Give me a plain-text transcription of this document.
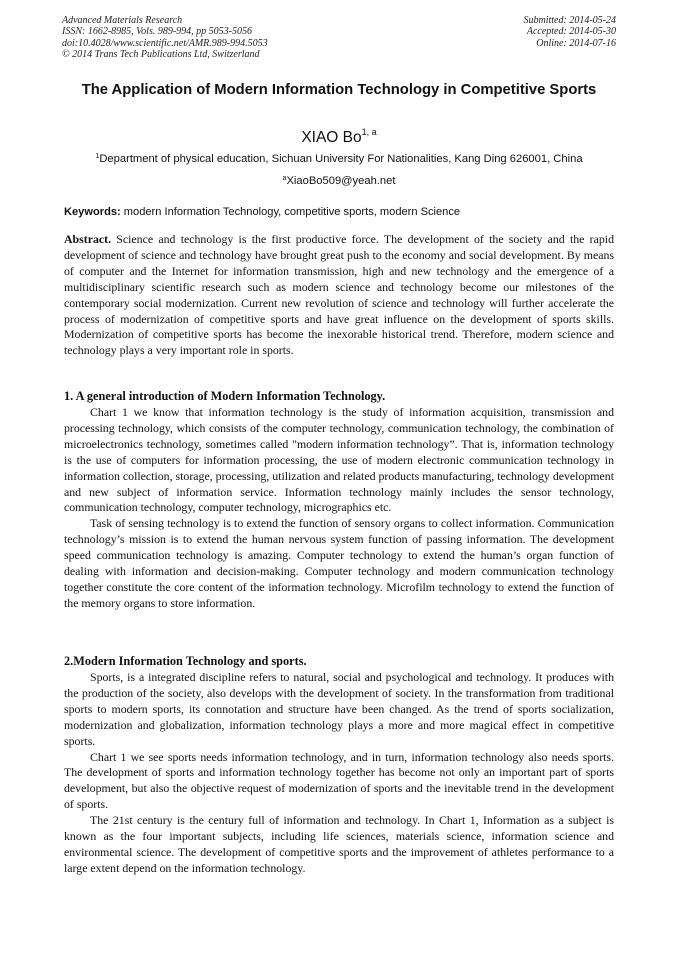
Advanced Materials Research
ISSN: 1662-8985, Vols. 989-994, pp 5053-5056
doi:10.4028/www.scientific.net/AMR.989-994.5053
© 2014 Trans Tech Publications Ltd, Switzerland
Submitted: 2014-05-24
Accepted: 2014-05-30
Online: 2014-07-16
The Application of Modern Information Technology in Competitive Sports
XIAO Bo$^{1, a}$
$^1$Department of physical education, Sichuan University For Nationalities, Kang Ding 626001, China
$^a$XiaoBo509@yeah.net
Keywords: modern Information Technology, competitive sports, modern Science
Abstract. Science and technology is the first productive force. The development of the society and the rapid development of science and technology have brought great push to the economy and social development. By means of computer and the Internet for information transmission, high and new technology and the emergence of a multidisciplinary scientific research such as modern science and technology become our milestones of the contemporary social modernization. Current new revolution of science and technology will further accelerate the process of modernization of competitive sports and have great influence on the development of sports skills. Modernization of competitive sports has become the inexorable historical trend. Therefore, modern science and technology plays a very important role in sports.
1. A general introduction of Modern Information Technology.

Chart 1 we know that information technology is the study of information acquisition, transmission and processing technology, which consists of the computer technology, communication technology, the combination of microelectronics technology, sometimes called "modern information technology”. That is, information technology is the use of computers for information processing, the use of modern electronic communication technology in information collection, storage, processing, utilization and related products manufacturing, technology development and new subject of information service. Information technology mainly includes the sensor technology, communication technology, computer technology, micrographics etc.

Task of sensing technology is to extend the function of sensory organs to collect information. Communication technology’s mission is to extend the human nervous system function of passing information. The development speed communication technology is amazing. Computer technology to extend the human’s organ function of dealing with information and decision-making. Computer technology and modern communication technology together constitute the core content of the information technology. Microfilm technology to extend the function of the memory organs to store information.

2.Modern Information Technology and sports.

Sports, is a integrated discipline refers to natural, social and psychological and technology. It produces with the production of the society, also develops with the development of society. In the transformation from traditional sports to modern sports, its connotation and structure have been changed. As the trend of sports socialization, modernization and globalization, information technology plays a more and more magical effect in competitive sports.

Chart 1 we see sports needs information technology, and in turn, information technology also needs sports. The development of sports and information technology together has become not only an important part of sports development, but also the objective request of modernization of sports and the inevitable trend in the development of sports.

The 21st century is the century full of information and technology. In Chart 1, Information as a subject is known as the four important subjects, including life sciences, materials science, information science and environmental science. The development of competitive sports and the improvement of athletes performance to a large extent depend on the information technology.
